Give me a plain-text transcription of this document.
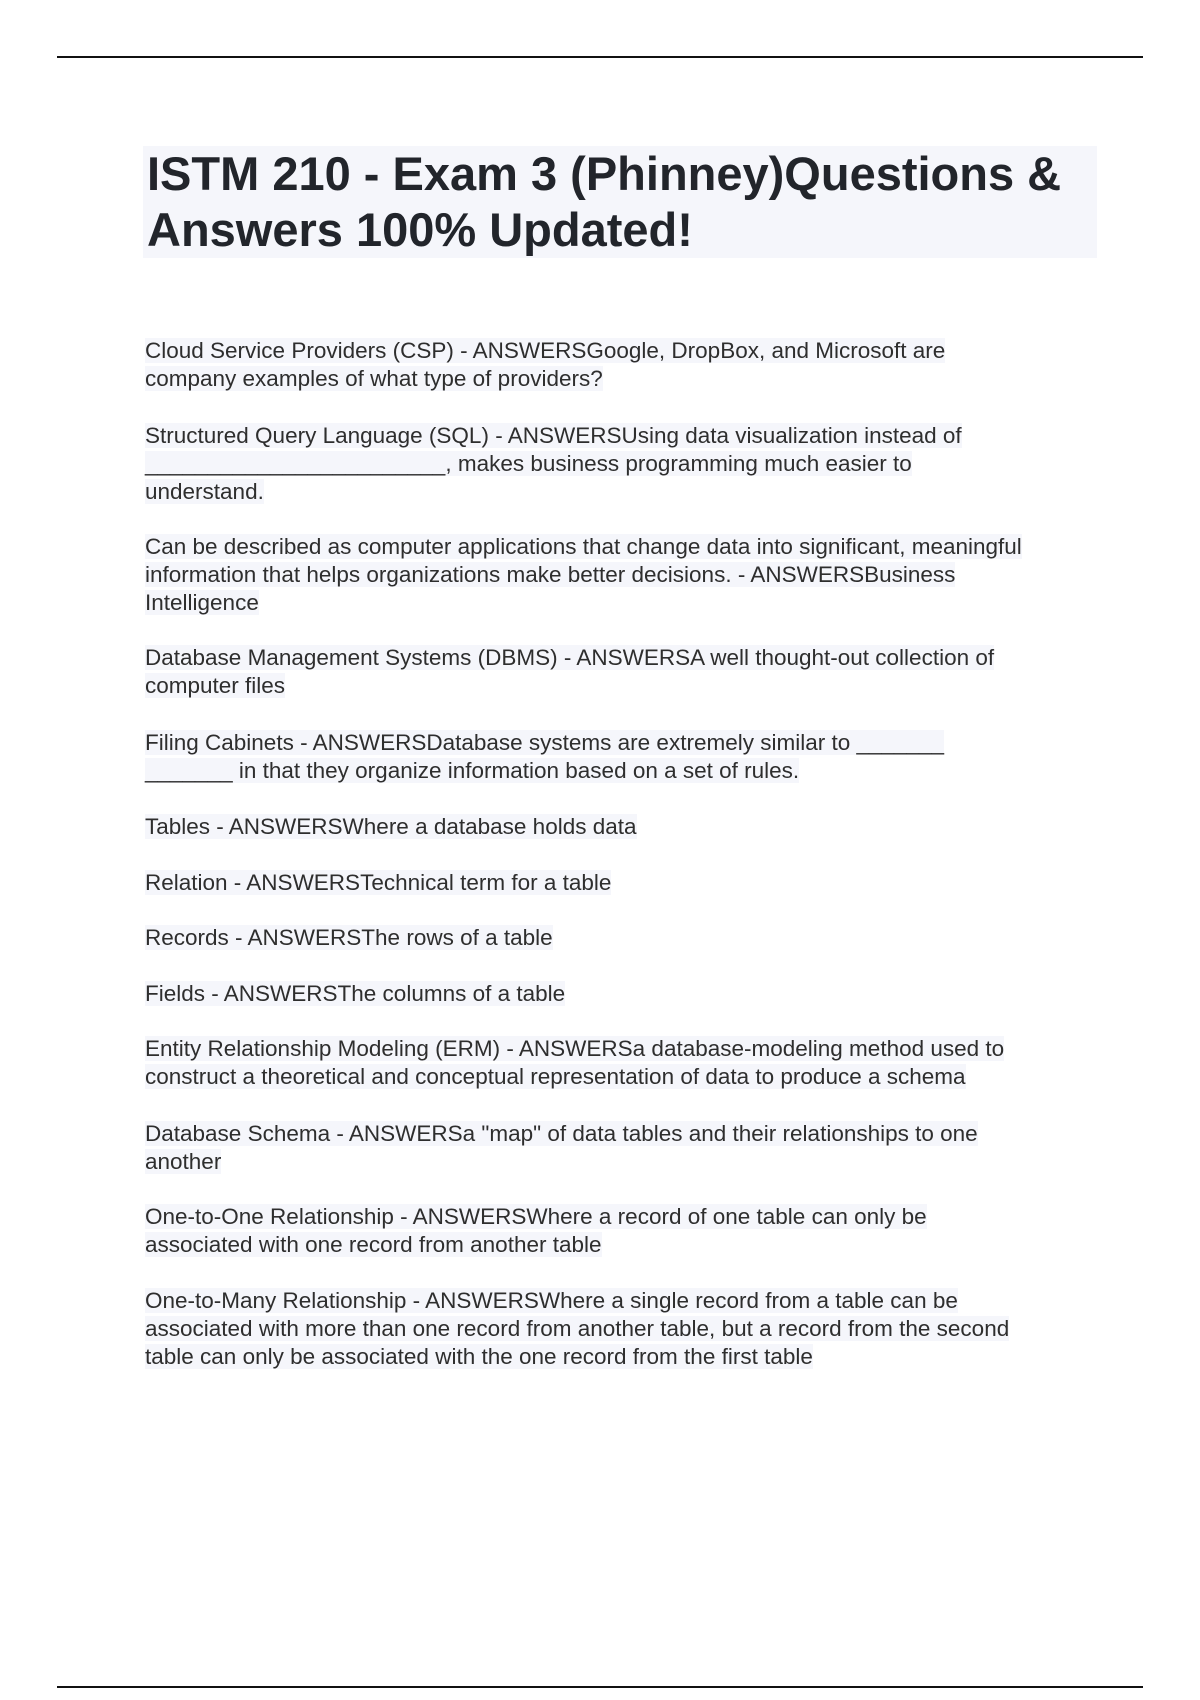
ISTM 210 - Exam 3 (Phinney)Questions & Answers 100% Updated!

Cloud Service Providers (CSP) - ANSWERSGoogle, DropBox, and Microsoft are
company examples of what type of providers?

Structured Query Language (SQL) - ANSWERSUsing data visualization instead of
________________________, makes business programming much easier to
understand.

Can be described as computer applications that change data into significant, meaningful
information that helps organizations make better decisions. - ANSWERSBusiness
Intelligence

Database Management Systems (DBMS) - ANSWERSA well thought-out collection of
computer files

Filing Cabinets - ANSWERSDatabase systems are extremely similar to _______
_______ in that they organize information based on a set of rules.

Tables - ANSWERSWhere a database holds data

Relation - ANSWERSTechnical term for a table

Records - ANSWERSThe rows of a table

Fields - ANSWERSThe columns of a table

Entity Relationship Modeling (ERM) - ANSWERSa database-modeling method used to
construct a theoretical and conceptual representation of data to produce a schema

Database Schema - ANSWERSa "map" of data tables and their relationships to one
another

One-to-One Relationship - ANSWERSWhere a record of one table can only be
associated with one record from another table

One-to-Many Relationship - ANSWERSWhere a single record from a table can be
associated with more than one record from another table, but a record from the second
table can only be associated with the one record from the first table
